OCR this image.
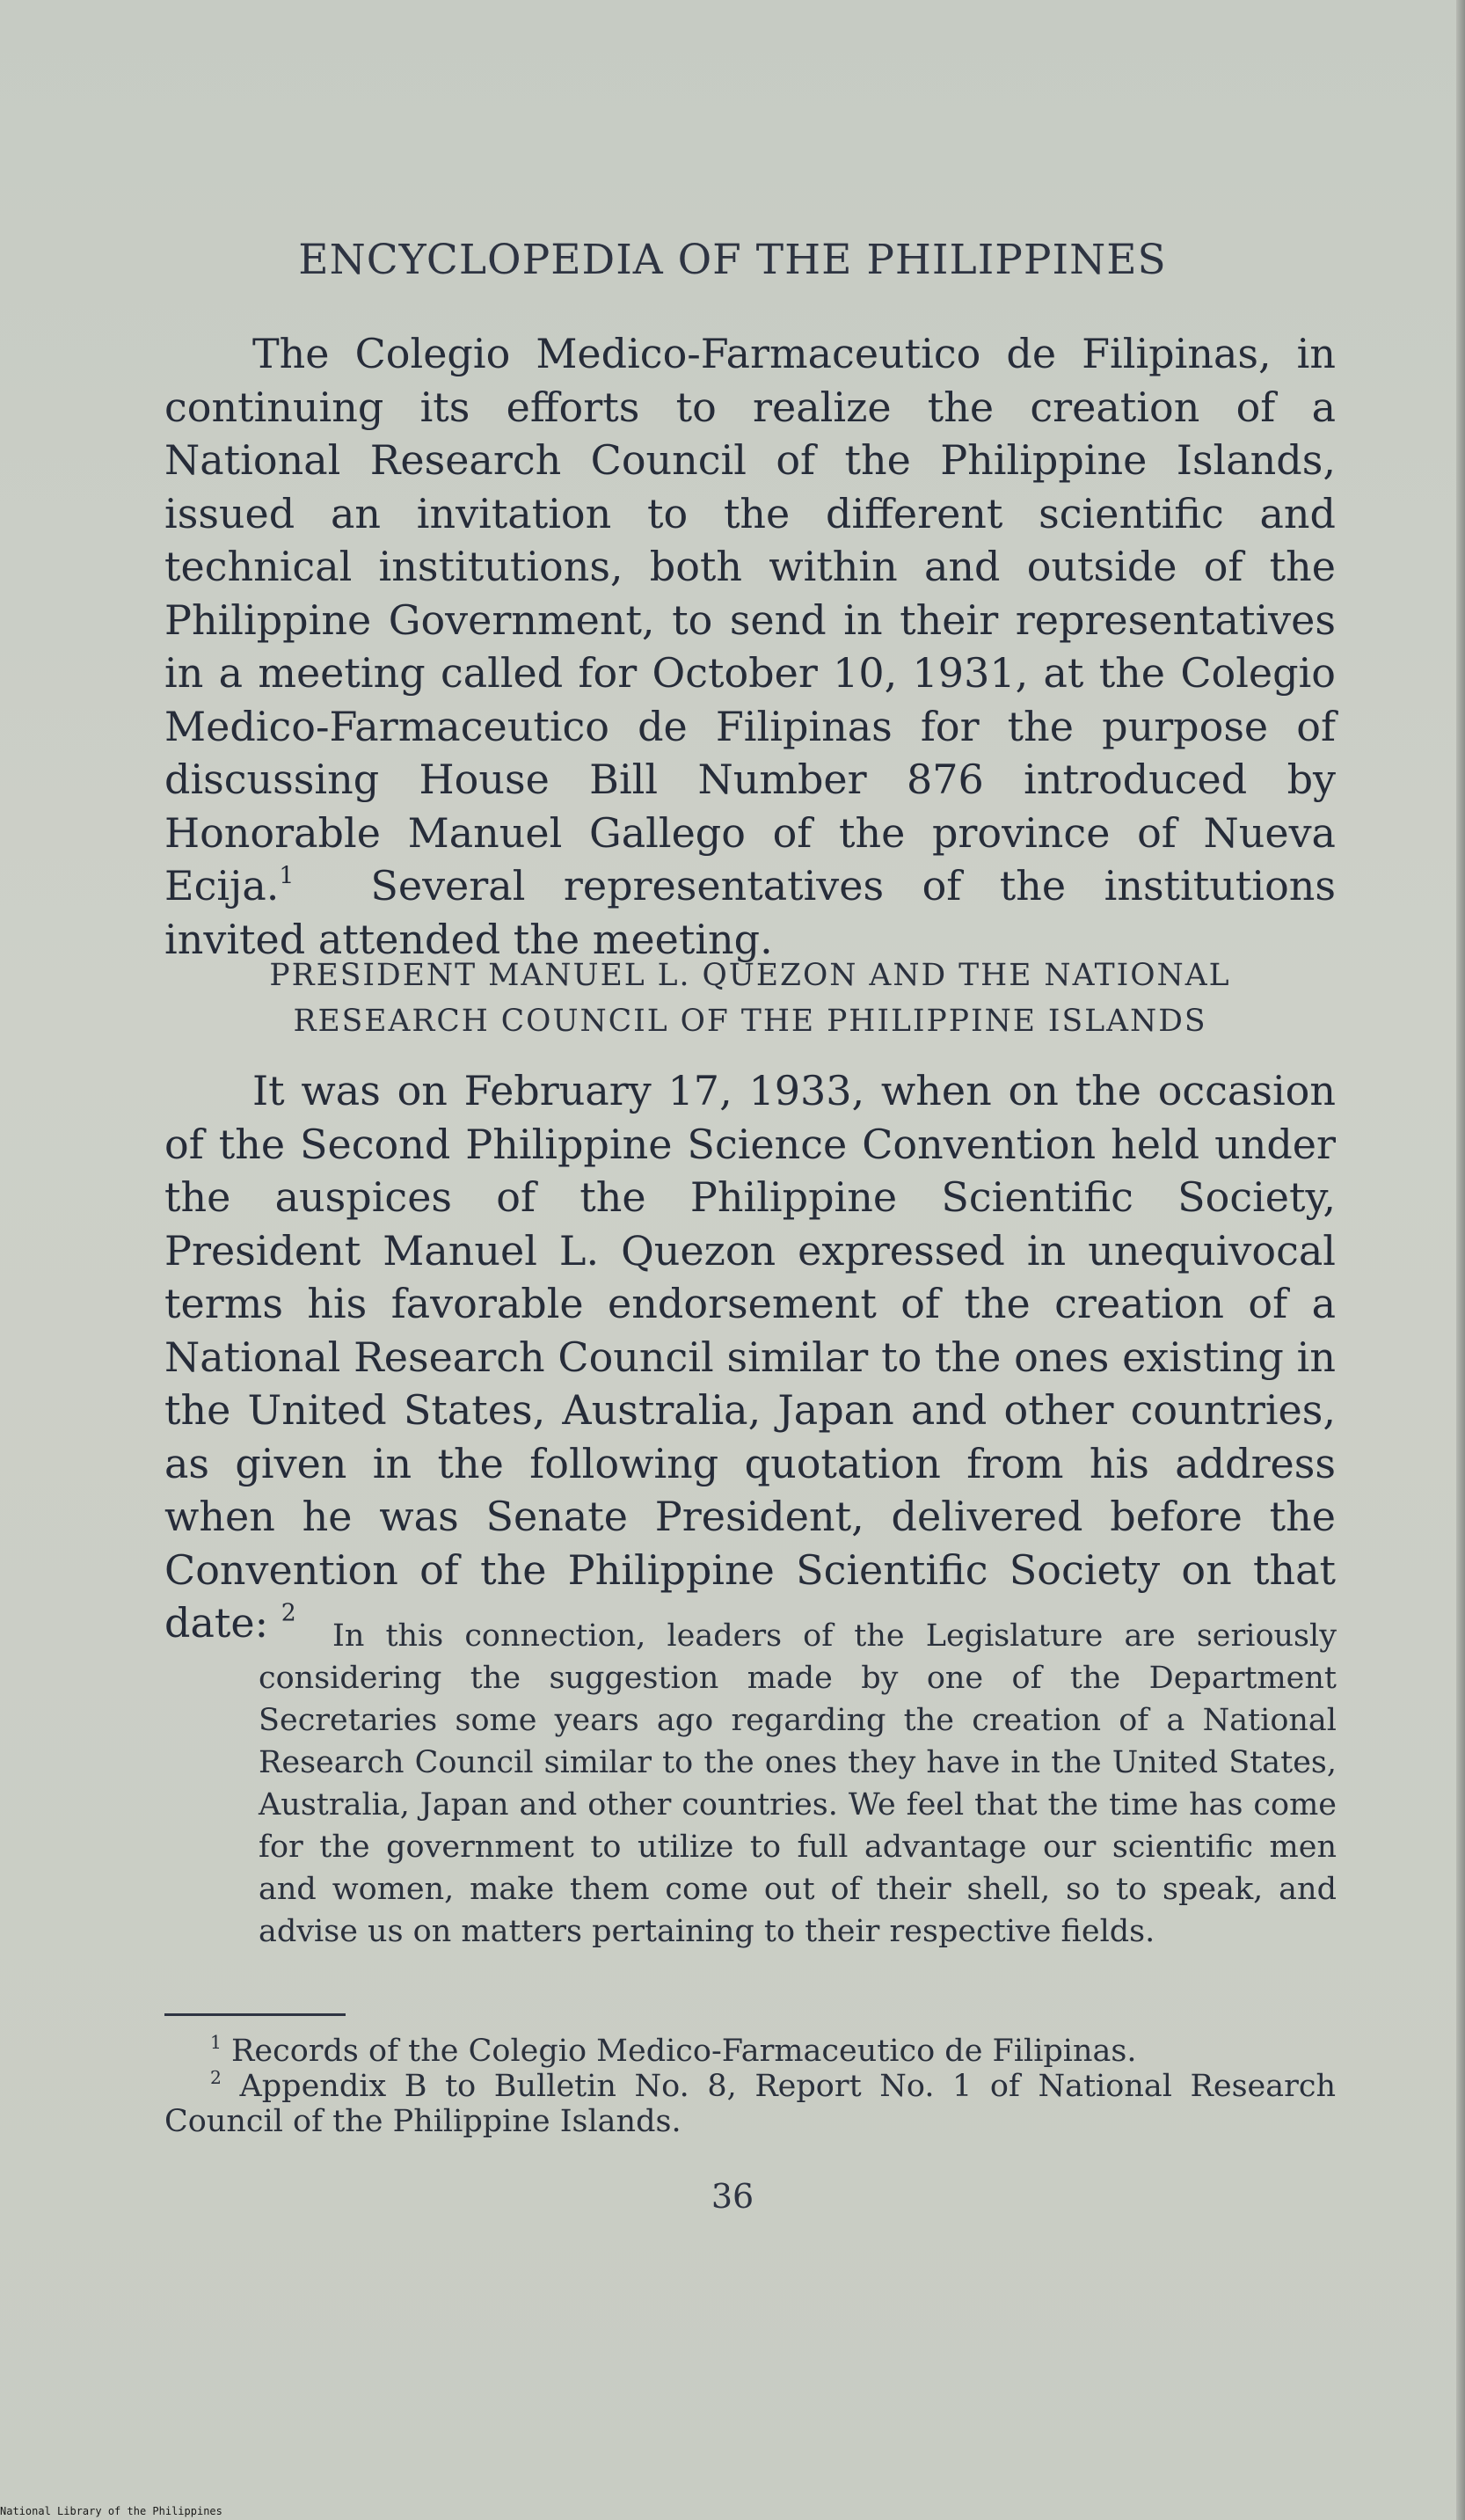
ENCYCLOPEDIA OF THE PHILIPPINES

The Colegio Medico-Farmaceutico de Filipinas, in continuing its efforts to realize the creation of a National Research Council of the Philippine Islands, issued an invitation to the different scientific and technical institutions, both within and outside of the Philippine Government, to send in their representatives in a meeting called for October 10, 1931, at the Colegio Medico-Farmaceutico de Filipinas for the purpose of discussing House Bill Number 876 introduced by Honorable Manuel Gallego of the province of Nueva Ecija.$^1$ Several representatives of the institutions invited attended the meeting.

PRESIDENT MANUEL L. QUEZON AND THE NATIONAL
RESEARCH COUNCIL OF THE PHILIPPINE ISLANDS

It was on February 17, 1933, when on the occasion of the Second Philippine Science Convention held under the auspices of the Philippine Scientific Society, President Manuel L. Quezon expressed in unequivocal terms his favorable endorsement of the creation of a National Research Council similar to the ones existing in the United States, Australia, Japan and other countries, as given in the following quotation from his address when he was Senate President, delivered before the Convention of the Philippine Scientific Society on that date: $^2$

In this connection, leaders of the Legislature are seriously considering the suggestion made by one of the Department Secretaries some years ago regarding the creation of a National Research Council similar to the ones they have in the United States, Australia, Japan and other countries. We feel that the time has come for the government to utilize to full advantage our scientific men and women, make them come out of their shell, so to speak, and advise us on matters pertaining to their respective fields.

$^1$ Records of the Colegio Medico-Farmaceutico de Filipinas.

$^2$ Appendix B to Bulletin No. 8, Report No. 1 of National Research Council of the Philippine Islands.

36
National Library of the Philippines
